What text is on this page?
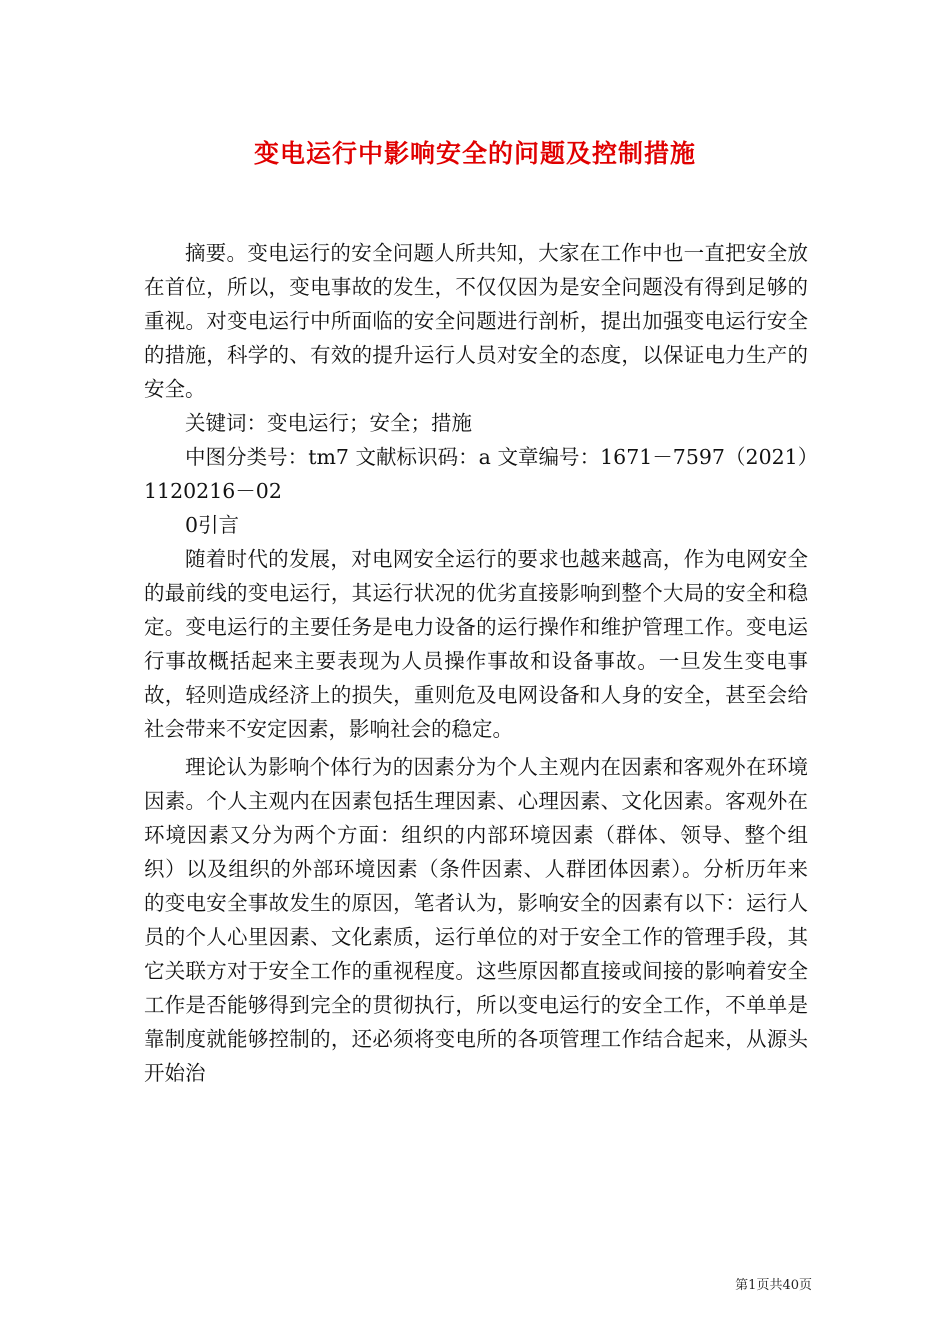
变电运行中影响安全的问题及控制措施

摘要。变电运行的安全问题人所共知，大家在工作中也一直把安全放在首位，所以，变电事故的发生，不仅仅因为是安全问题没有得到足够的重视。对变电运行中所面临的安全问题进行剖析，提出加强变电运行安全的措施，科学的、有效的提升运行人员对安全的态度，以保证电力生产的安全。

关键词：变电运行；安全；措施

中图分类号：tm7 文献标识码：a 文章编号：1671－7597（2021）1120216－02

0引言

随着时代的发展，对电网安全运行的要求也越来越高，作为电网安全的最前线的变电运行，其运行状况的优劣直接影响到整个大局的安全和稳定。变电运行的主要任务是电力设备的运行操作和维护管理工作。变电运行事故概括起来主要表现为人员操作事故和设备事故。一旦发生变电事故，轻则造成经济上的损失，重则危及电网设备和人身的安全，甚至会给社会带来不安定因素，影响社会的稳定。

理论认为影响个体行为的因素分为个人主观内在因素和客观外在环境因素。个人主观内在因素包括生理因素、心理因素、文化因素。客观外在环境因素又分为两个方面：组织的内部环境因素（群体、领导、整个组织）以及组织的外部环境因素（条件因素、人群团体因素）。分析历年来的变电安全事故发生的原因，笔者认为，影响安全的因素有以下：运行人员的个人心里因素、文化素质，运行单位的对于安全工作的管理手段，其它关联方对于安全工作的重视程度。这些原因都直接或间接的影响着安全工作是否能够得到完全的贯彻执行，所以变电运行的安全工作，不单单是靠制度就能够控制的，还必须将变电所的各项管理工作结合起来，从源头开始治

第1页共40页
